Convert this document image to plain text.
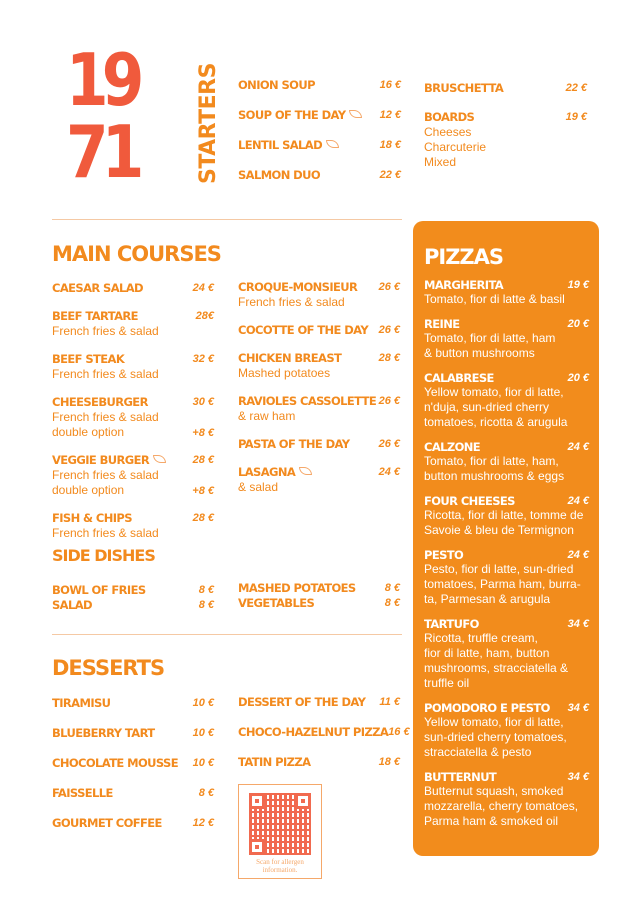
19
71	STARTERS ONION SOUP	16 €
SOUP OF THE DAY	12 €
LENTIL SALAD	18 €
SALMON DUO	22 €
BRUSCHETTA	22 €
BOARDS	19 €
Cheeses
Charcuterie
Mixed
MAIN COURSES
CAESAR SALAD	24 €
BEEF TARTARE	28€
French fries & salad
BEEF STEAK	32 €
French fries & salad
CHEESEBURGER	30 €
French fries & salad
double option	+8 €
VEGGIE BURGER	28 €
French fries & salad
double option	+8 €
FISH & CHIPS	28 €
French fries & salad
CROQUE-MONSIEUR 26 €
French fries & salad
COCOTTE OF THE DAY 26 €
CHICKEN BREAST	28 €
Mashed potatoes
RAVIOLES CASSOLETTE 26 €
& raw ham
PASTA OF THE DAY	26 €
LASAGNA	24 €
& salad
SIDE DISHES
BOWL OF FRIES	8 €
SALAD	8 €
MASHED POTATOES	8 €
VEGETABLES	8 €
DESSERTS
TIRAMISU	10 €
BLUEBERRY TART	10 €
CHOCOLATE MOUSSE 10 €
FAISSELLE	8 €
GOURMET COFFEE	12 €
DESSERT OF THE DAY 11 €
CHOCO-HAZELNUT PIZZA 16 €
TATIN PIZZA	18 €
Scan for allergen information.
PIZZAS
MARGHERITA	19 €
Tomato, fior di latte & basil
REINE	20 €
Tomato, fior di latte, ham
& button mushrooms
CALABRESE	20 €
Yellow tomato, fior di latte,
n'duja, sun-dried cherry
tomatoes, ricotta & arugula
CALZONE	24 €
Tomato, fior di latte, ham,
button mushrooms & eggs
FOUR CHEESES	24 €
Ricotta, fior di latte, tomme de
Savoie & bleu de Termignon
PESTO	24 €
Pesto, fior di latte, sun-dried
tomatoes, Parma ham, burra-
ta, Parmesan & arugula
TARTUFO	34 €
Ricotta, truffle cream,
fior di latte, ham, button
mushrooms, stracciatella &
truffle oil
POMODORO E PESTO 34 €
Yellow tomato, fior di latte,
sun-dried cherry tomatoes,
stracciatella & pesto
BUTTERNUT	34 €
Butternut squash, smoked
mozzarella, cherry tomatoes,
Parma ham & smoked oil
